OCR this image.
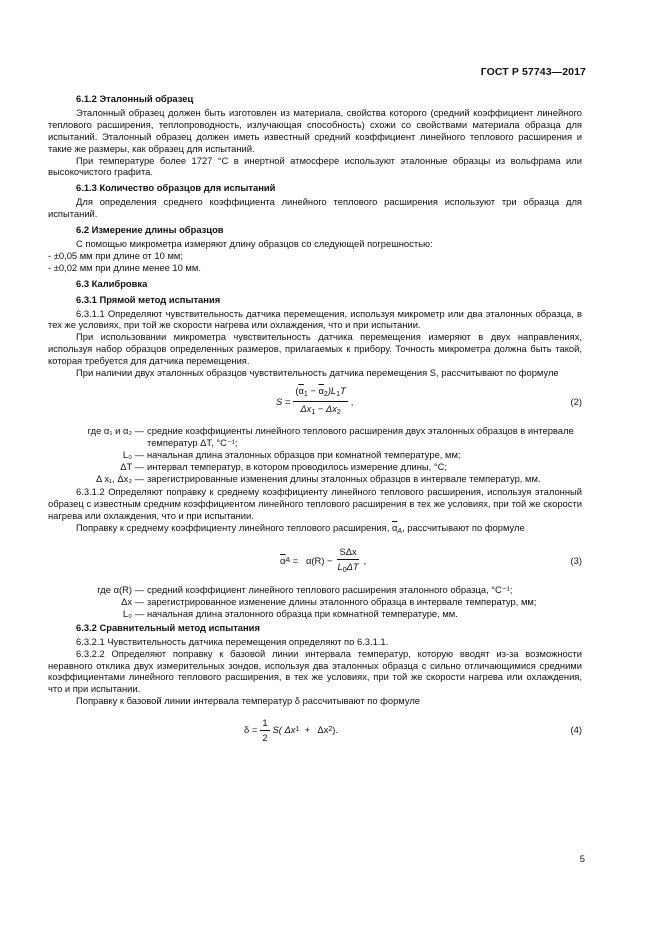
ГОСТ Р 57743—2017
6.1.2 Эталонный образец

Эталонный образец должен быть изготовлен из материала, свойства которого (средний коэффициент линейного теплового расширения, теплопроводность, излучающая способность) схожи со свойствами материала образца для испытаний. Эталонный образец должен иметь известный средний коэффициент линейного теплового расширения и такие же размеры, как образец для испытаний.

При температуре более 1727 °С в инертной атмосфере используют эталонные образцы из вольфрама или высокочистого графита.

6.1.3 Количество образцов для испытаний

Для определения среднего коэффициента линейного теплового расширения используют три образца для испытаний.

6.2 Измерение длины образцов

С помощью микрометра измеряют длину образцов со следующей погрешностью:

- ±0,05 мм при длине от 10 мм;
- ±0,02 мм при длине менее 10 мм.
6.3 Калибровка
6.3.1 Прямой метод испытания

6.3.1.1 Определяют чувствительность датчика перемещения, используя микрометр или два эталонных образца, в тех же условиях, при той же скорости нагрева или охлаждения, что и при испытании.

При использовании микрометра чувствительность датчика перемещения измеряют в двух направлениях, используя набор образцов определенных размеров, прилагаемых к прибору. Точность микрометра должна быть такой, которая требуется для датчика перемещения.

При наличии двух эталонных образцов чувствительность датчика перемещения S, рассчитывают по формуле

$S = \frac{(\overline{\alpha}_1 - \overline{\alpha}_2)L_1T}{\Delta x_1 - \Delta x_2}$ ,	(2)
где α₁ и α₂ — средние коэффициенты линейного теплового расширения двух эталонных образцов в интервале температур ΔT, °C⁻¹;
L₀ — начальная длина эталонных образцов при комнатной температуре, мм;
ΔT — интервал температур, в котором проводилось измерение длины, °С;
Δ x₁, Δx₂ — зарегистрированные изменения длины эталонных образцов в интервале температур, мм.

6.3.1.2 Определяют поправку к среднему коэффициенту линейного теплового расширения, используя эталонный образец с известным средним коэффициентом линейного теплового расширения в тех же условиях, при той же скорости нагрева или охлаждения, что и при испытании.

Поправку к среднему коэффициенту линейного теплового расширения, $\overline{\alpha}_A$, рассчитывают по формуле

$\overline{\alpha}$ $A = \alpha(R) - \frac{\text{SΔx}}{L_0\Delta T}$ ,	(3)
где α(R) — средний коэффициент линейного теплового расширения эталонного образца, °C⁻¹;
Δx — зарегистрированное изменение длины эталонного образца в интервале температур, мм;
L₀ — начальная длина эталонного образца при комнатной температуре, мм.
6.3.2 Сравнительный метод испытания

6.3.2.1 Чувствительность датчика перемещения определяют по 6.3.1.1.

6.3.2.2 Определяют поправку к базовой линии интервала температур, которую вводят из-за возможности неравного отклика двух измерительных зондов, используя два эталонных образца с сильно отличающимися средними коэффициентами линейного теплового расширения, в тех же условиях, при той же скорости нагрева или охлаждения, что и при испытании.

Поправку к базовой линии интервала температур δ рассчитывают по формуле

$\delta = \frac{1}{2} S$( Δx 1 +   Δx 2 ).	(4)
5
